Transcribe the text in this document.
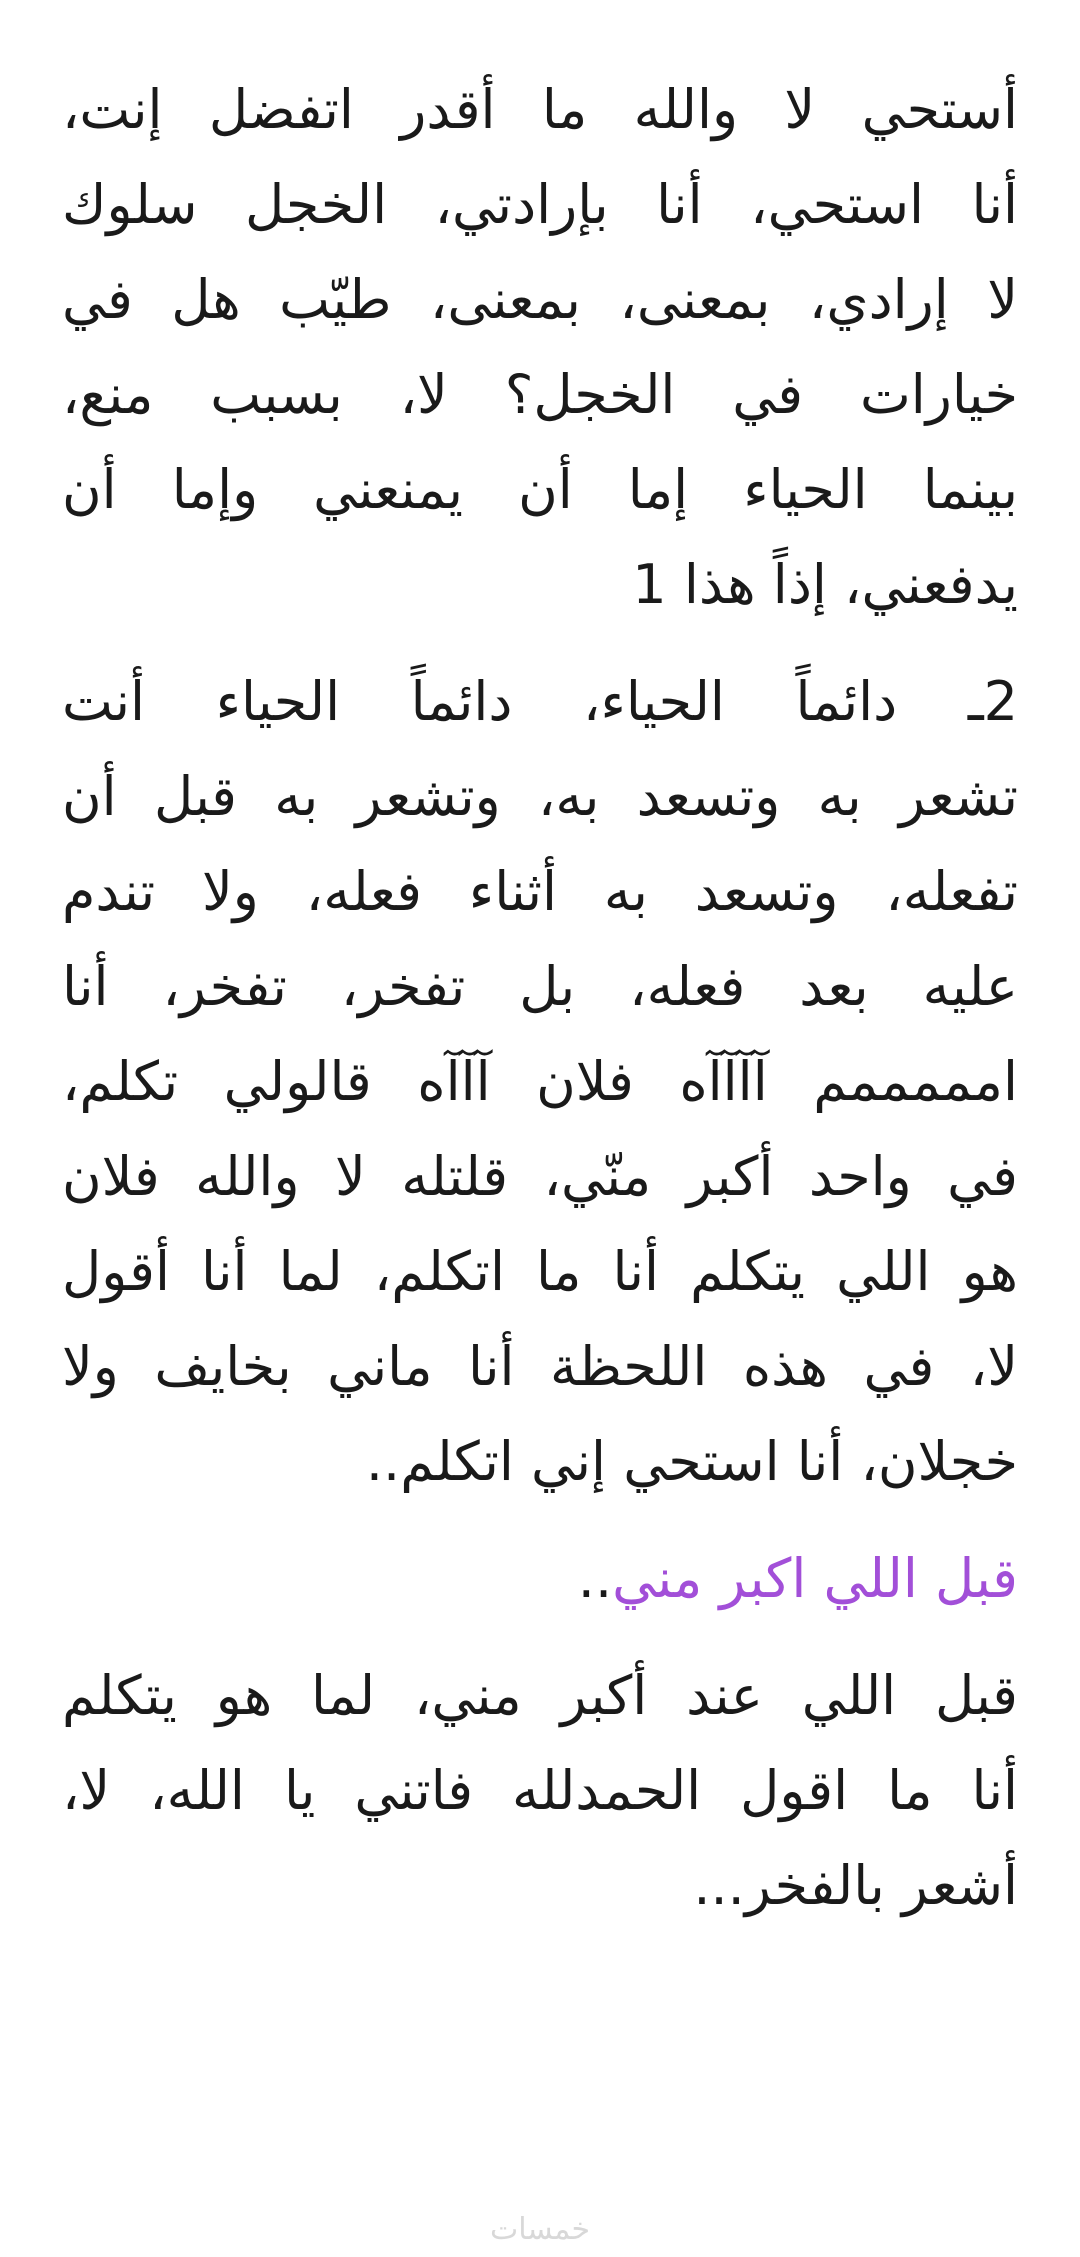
أستحي لا والله ما أقدر اتفضل إنت،
أنا استحي، أنا بإرادتي، الخجل سلوك
لا إرادي، بمعنى، بمعنى، طيّب هل في
خيارات في الخجل؟ لا، بسبب منع،
بينما الحياء إما أن يمنعني وإما أن
يدفعني، إذاً هذا 1

2ـ دائماً الحياء، دائماً الحياء أنت
تشعر به وتسعد به، وتشعر به قبل أن
تفعله، وتسعد به أثناء فعله، ولا تندم
عليه بعد فعله، بل تفخر، تفخر، أنا
امممممم آآآآه فلان آآآه قالولي تكلم،
في واحد أكبر منّي، قلتله لا والله فلان
هو اللي يتكلم أنا ما اتكلم، لما أنا أقول
لا، في هذه اللحظة أنا ماني بخايف ولا
خجلان، أنا استحي إني اتكلم..

قبل اللي اكبر مني..

قبل اللي عند أكبر مني، لما هو يتكلم
أنا ما اقول الحمدلله فاتني يا الله، لا،
أشعر بالفخر...

خمسات
